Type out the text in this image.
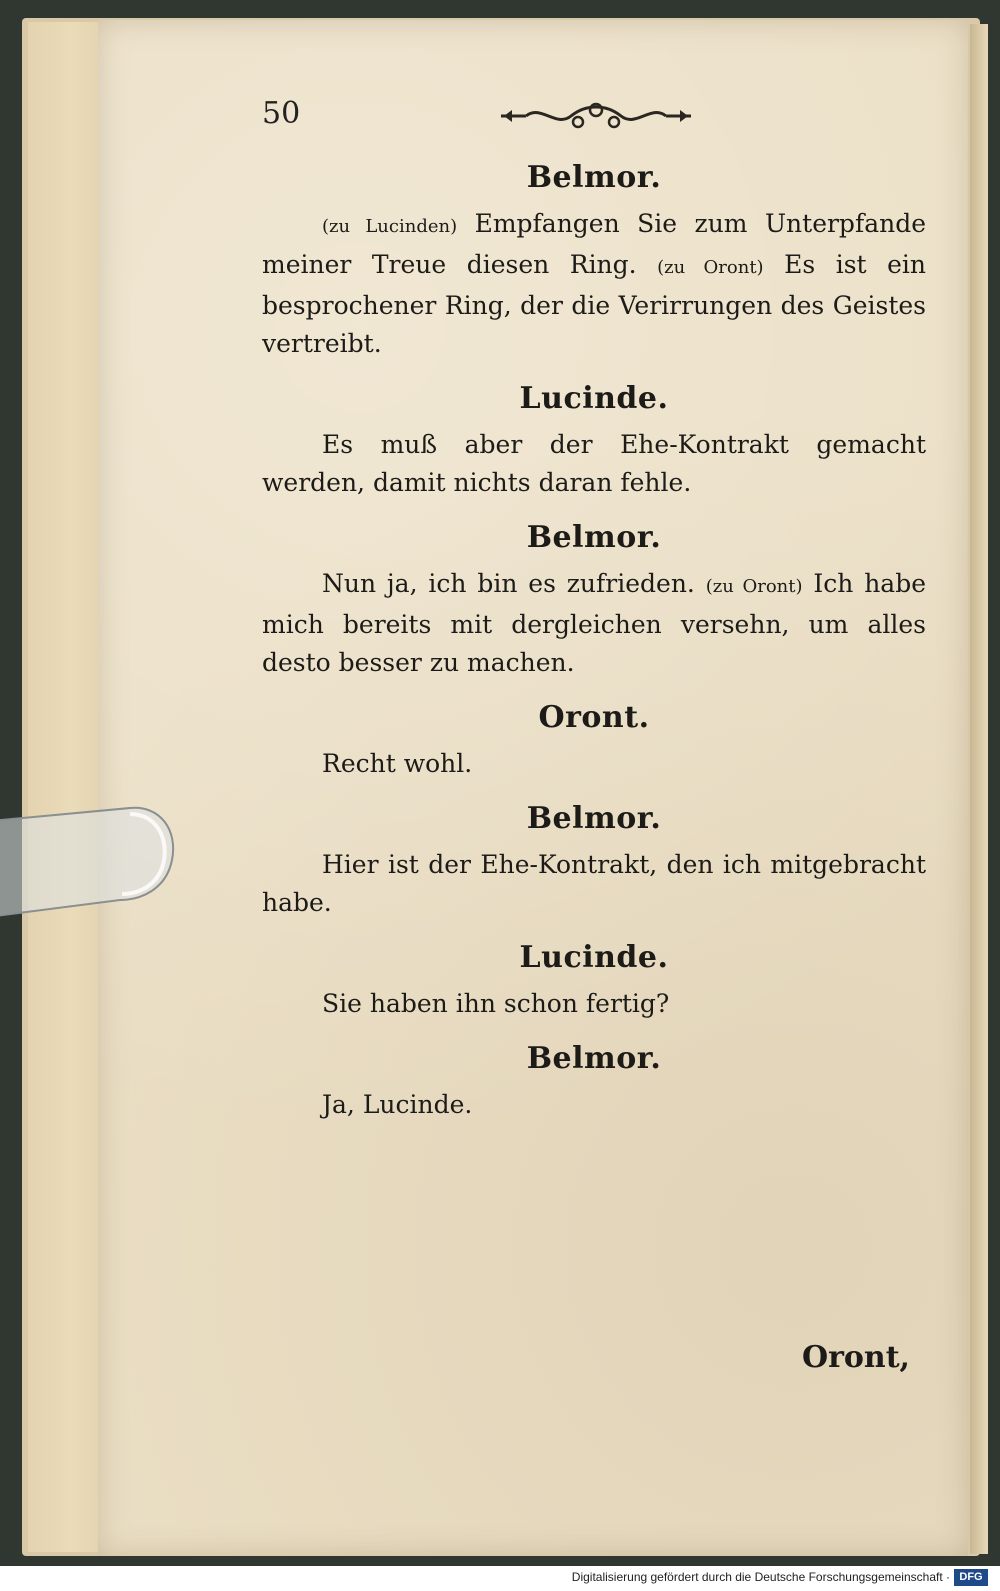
50

Belmor.

(zu Lucinden) Empfangen Sie zum Unterpfande meiner Treue diesen Ring. (zu Oront) Es ist ein besprochener Ring, der die Verirrungen des Geistes vertreibt.

Lucinde.

Es muß aber der Ehe-Kontrakt gemacht werden, damit nichts daran fehle.

Belmor.

Nun ja, ich bin es zufrieden. (zu Oront) Ich habe mich bereits mit dergleichen versehn, um alles desto besser zu machen.

Oront.

Recht wohl.

Belmor.

Hier ist der Ehe-Kontrakt, den ich mitgebracht habe.

Lucinde.

Sie haben ihn schon fertig?

Belmor.

Ja, Lucinde.

Oront,
Digitalisierung gefördert durch die Deutsche Forschungsgemeinschaft · DFG
